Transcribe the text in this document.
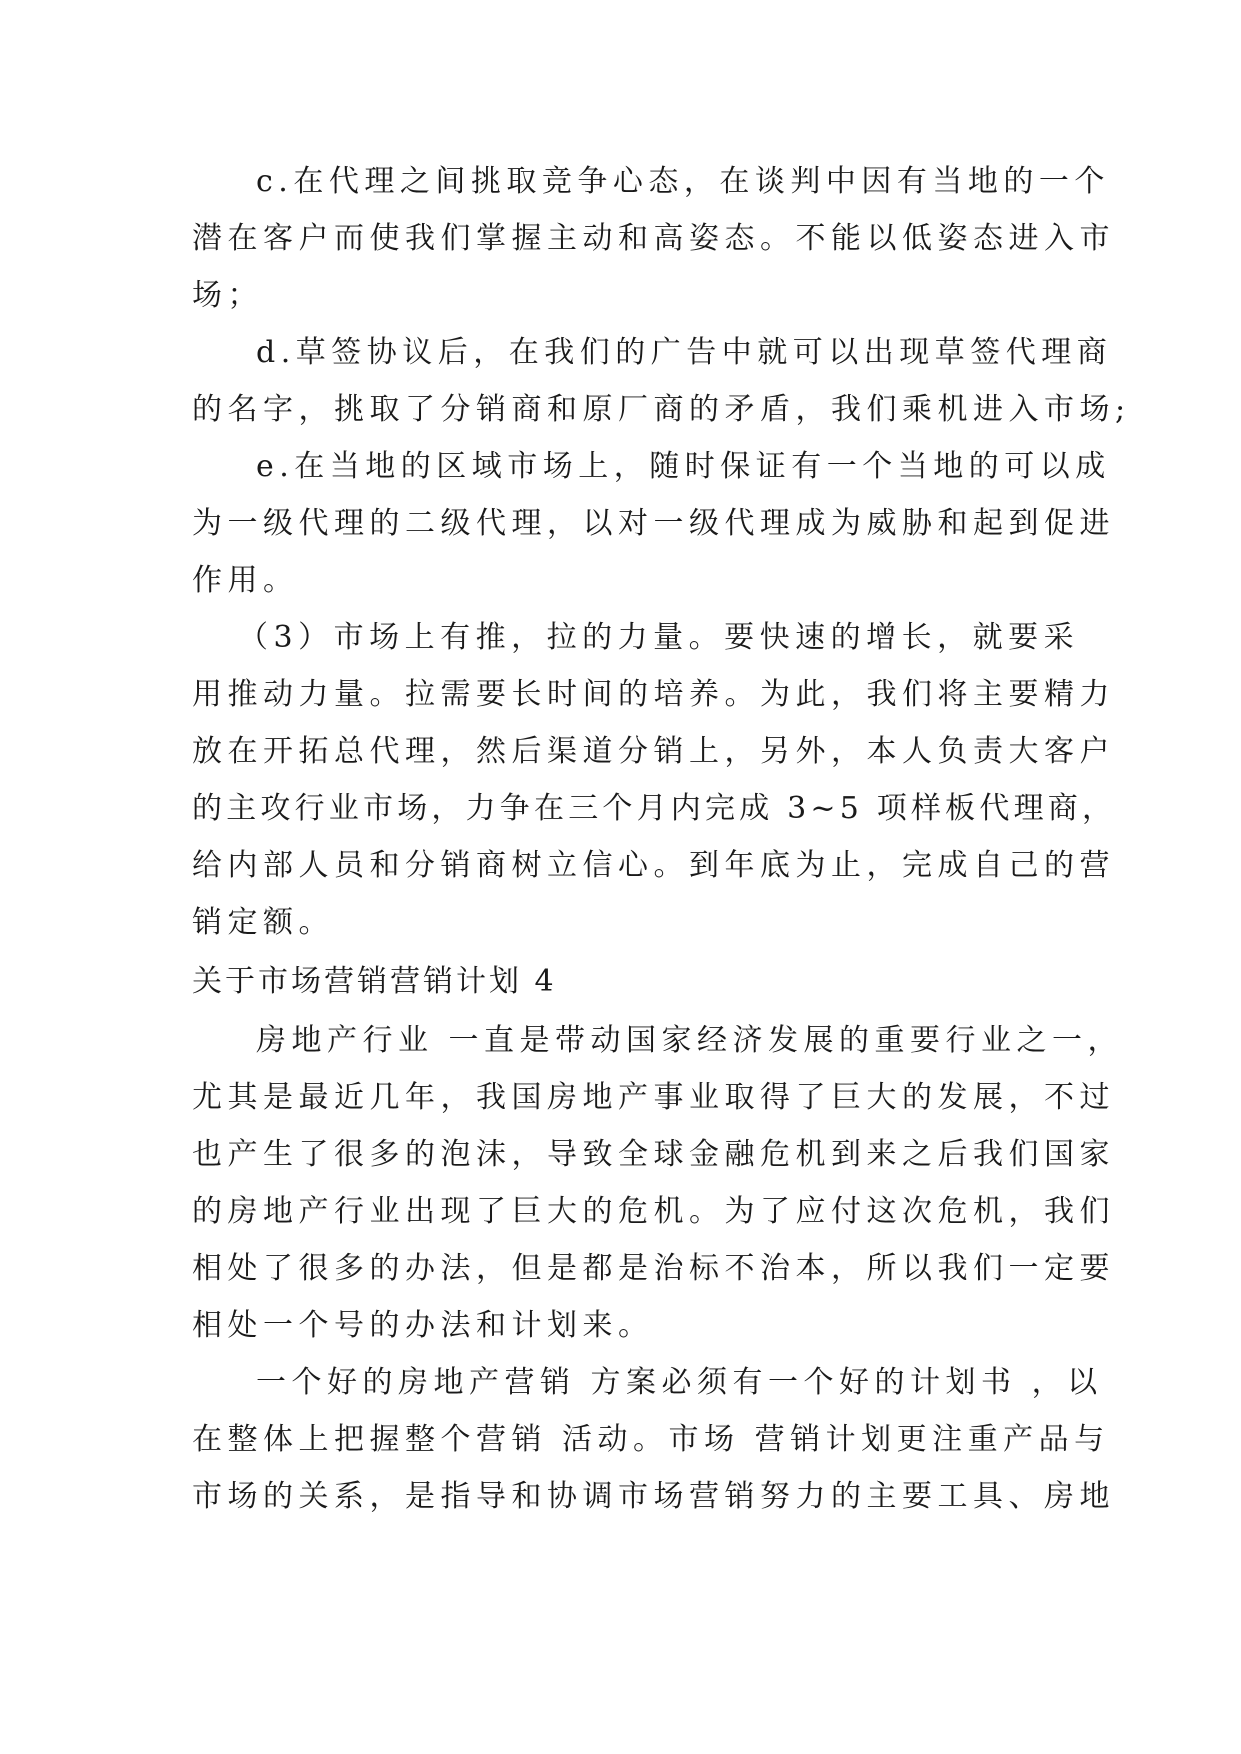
c.在代理之间挑取竞争心态，在谈判中因有当地的一个
潜在客户而使我们掌握主动和高姿态。不能以低姿态进入市
场；
d.草签协议后，在我们的广告中就可以出现草签代理商
的名字，挑取了分销商和原厂商的矛盾，我们乘机进入市场;
e.在当地的区域市场上，随时保证有一个当地的可以成
为一级代理的二级代理，以对一级代理成为威胁和起到促进
作用。
（3）市场上有推，拉的力量。要快速的增长，就要采
用推动力量。拉需要长时间的培养。为此，我们将主要精力
放在开拓总代理，然后渠道分销上，另外，本人负责大客户
的主攻行业市场，力争在三个月内完成 3~5 项样板代理商，
给内部人员和分销商树立信心。到年底为止，完成自己的营
销定额。
关于市场营销营销计划 4
房地产行业 一直是带动国家经济发展的重要行业之一，
尤其是最近几年，我国房地产事业取得了巨大的发展，不过
也产生了很多的泡沫，导致全球金融危机到来之后我们国家
的房地产行业出现了巨大的危机。为了应付这次危机，我们
相处了很多的办法，但是都是治标不治本，所以我们一定要
相处一个号的办法和计划来。
一个好的房地产营销 方案必须有一个好的计划书 ，以
在整体上把握整个营销 活动。市场 营销计划更注重产品与
市场的关系，是指导和协调市场营销努力的主要工具、房地
